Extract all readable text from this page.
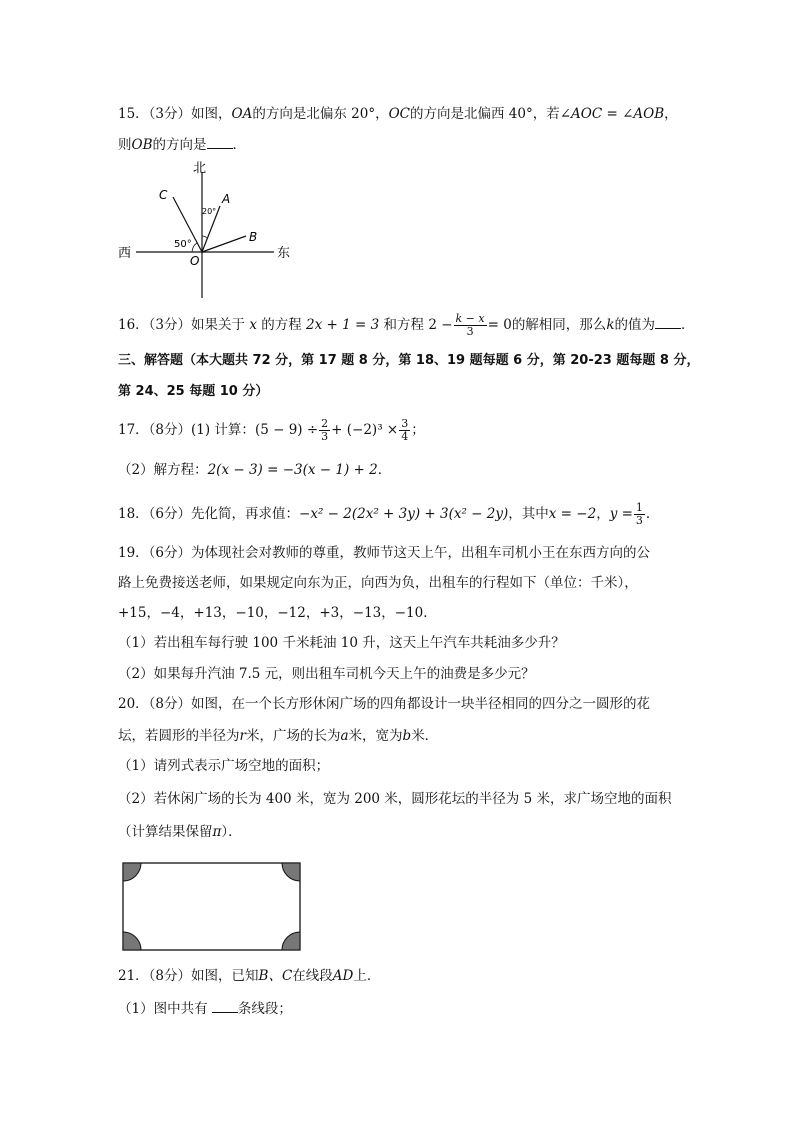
15．（3分）如图，OA的方向是北偏东 20°，OC的方向是北偏西 40°，若∠AOC = ∠AOB，
则OB的方向是 ．
北
西	东
C	A
B
O
20°
50°
16．（3分）如果关于 x 的方程 2x + 1 = 3 和方程 $2 - \frac{k - x}{3} = 0$的解相同，那么k的值为 ．
三、解答题（本大题共 72 分，第 17 题 8 分，第 18、19 题每题 6 分，第 20-23 题每题 8 分，
第 24、25 每题 10 分）
17．（8分）(1) 计算：$(5 - 9) \div \frac{2}{3} + (-2)^3 \times \frac{3}{4}$ ；
（2）解方程：2(x − 3) = −3(x − 1) + 2．
18．（6分）先化简，再求值：−x² − 2(2x² + 3y) + 3(x² − 2y)，其中x = −2，$y = \frac{1}{3}$ ．
19．（6分）为体现社会对教师的尊重，教师节这天上午，出租车司机小王在东西方向的公
路上免费接送老师，如果规定向东为正，向西为负，出租车的行程如下（单位：千米），
+15，−4，+13，−10，−12，+3，−13，−10．
（1）若出租车每行驶 100 千米耗油 10 升，这天上午汽车共耗油多少升？
（2）如果每升汽油 7.5 元，则出租车司机今天上午的油费是多少元？
20．（8分）如图，在一个长方形休闲广场的四角都设计一块半径相同的四分之一圆形的花
坛，若圆形的半径为r米，广场的长为a米，宽为b米．
（1）请列式表示广场空地的面积；
（2）若休闲广场的长为 400 米，宽为 200 米，圆形花坛的半径为 5 米，求广场空地的面积
（计算结果保留π）．
21．（8分）如图，已知B、C在线段AD上．
（1）图中共有 条线段；
